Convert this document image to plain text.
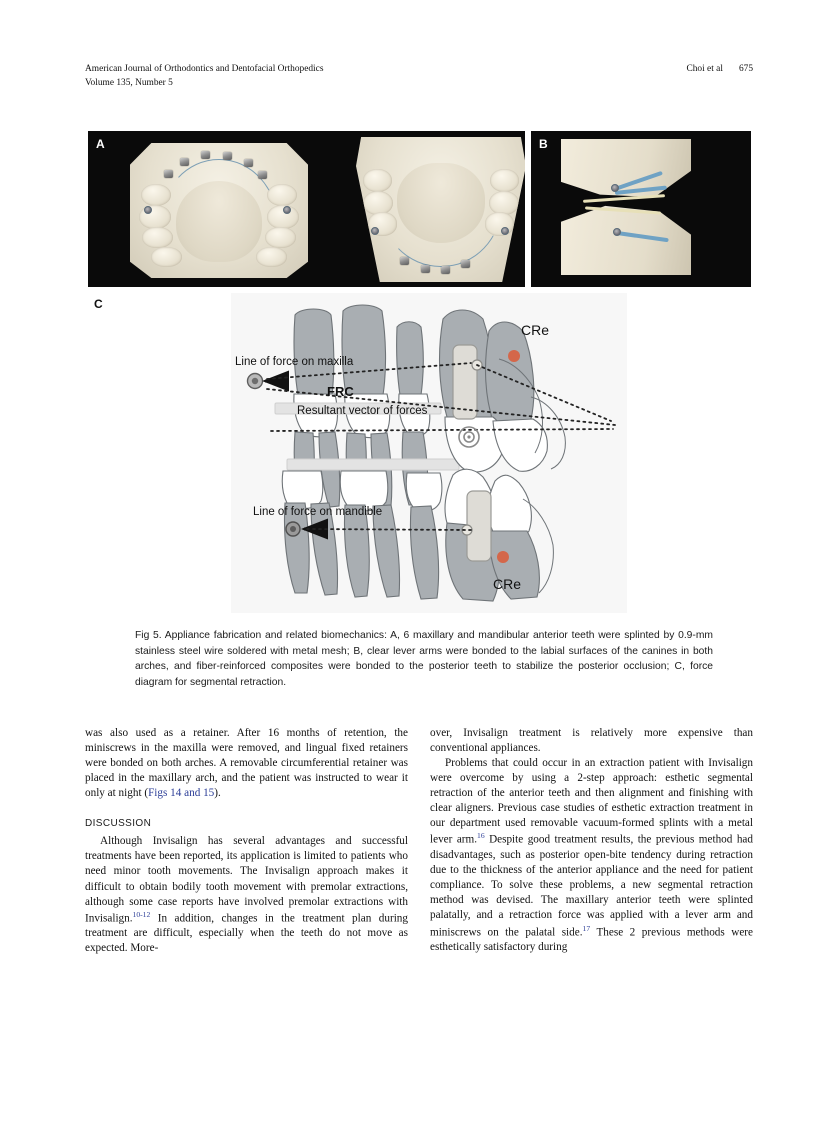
American Journal of Orthodontics and Dentofacial Orthopedics
Volume 135, Number 5
Choi et al 675
A	B
C
CRe
Line of force on maxilla
Resultant vector of forces
FRC
CRe
Line of force on mandible
Fig 5. Appliance fabrication and related biomechanics: A, 6 maxillary and mandibular anterior teeth were splinted by 0.9-mm stainless steel wire soldered with metal mesh; B, clear lever arms were bonded to the labial surfaces of the canines in both arches, and fiber-reinforced composites were bonded to the posterior teeth to stabilize the posterior occlusion; C, force diagram for segmental retraction.

was also used as a retainer. After 16 months of retention, the miniscrews in the maxilla were removed, and lingual fixed retainers were bonded on both arches. A removable circumferential retainer was placed in the maxillary arch, and the patient was instructed to wear it only at night (Figs 14 and 15).

DISCUSSION

Although Invisalign has several advantages and successful treatments have been reported, its application is limited to patients who need minor tooth movements. The Invisalign approach makes it difficult to obtain bodily tooth movement with premolar extractions, although some case reports have involved premolar extractions with Invisalign.$^{10-12}$ In addition, changes in the treatment plan during treatment are difficult, especially when the teeth do not move as expected. More-

over, Invisalign treatment is relatively more expensive than conventional appliances.

Problems that could occur in an extraction patient with Invisalign were overcome by using a 2-step approach: esthetic segmental retraction of the anterior teeth and then alignment and finishing with clear aligners. Previous case studies of esthetic extraction treatment in our department used removable vacuum-formed splints with a metal lever arm.$^{16}$ Despite good treatment results, the previous method had disadvantages, such as posterior open-bite tendency during retraction due to the thickness of the anterior appliance and the need for patient compliance. To solve these problems, a new segmental retraction method was devised. The maxillary anterior teeth were splinted palatally, and a retraction force was applied with a lever arm and miniscrews on the palatal side.$^{17}$ These 2 previous methods were esthetically satisfactory during
